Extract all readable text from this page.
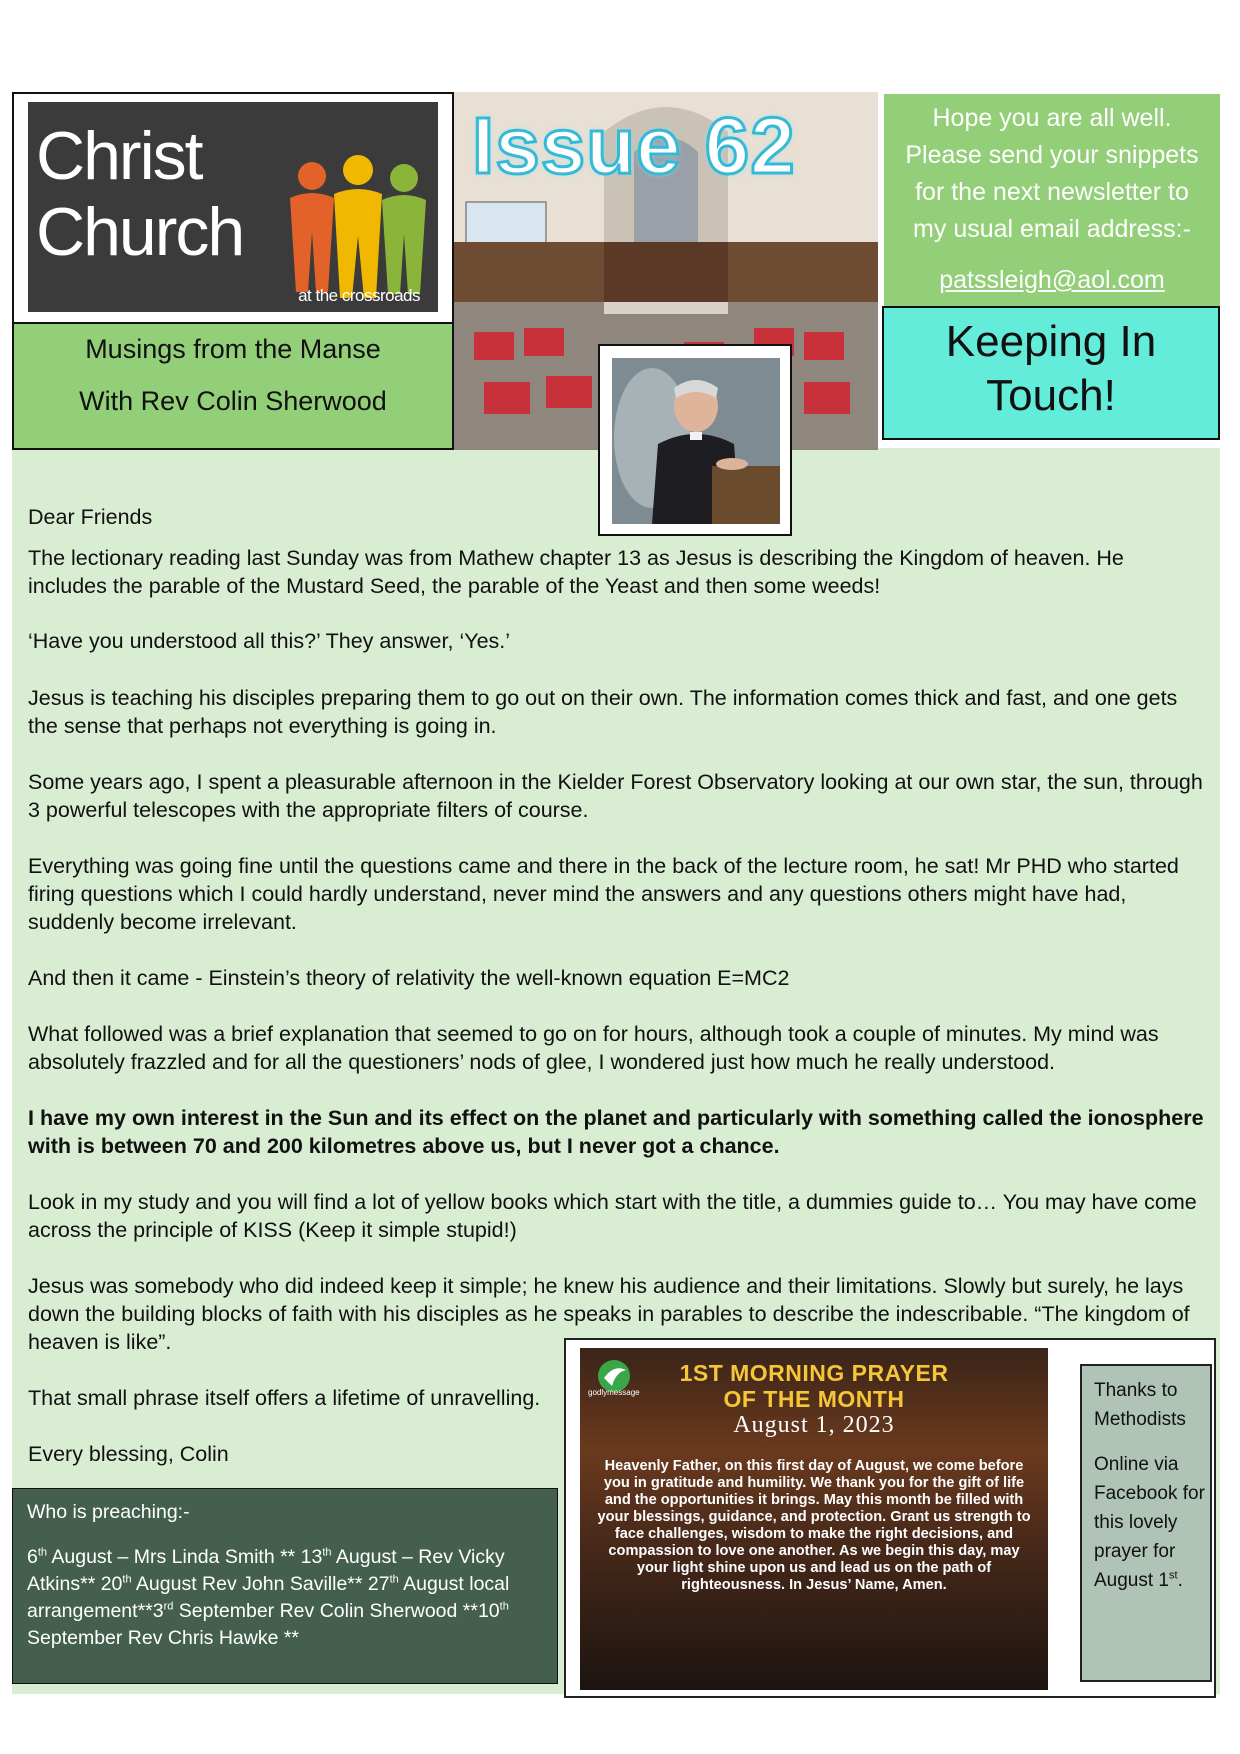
Christ
Church
at the crossroads
Musings from the Manse
With Rev Colin Sherwood
Issue 62	Hope you are all well.
Please send your snippets
for the next newsletter to
my usual email address:-
patssleigh@aol.com
Keeping In
Touch!

Dear Friends

The lectionary reading last Sunday was from Mathew chapter 13 as Jesus is describing the Kingdom of heaven. He includes the parable of the Mustard Seed, the parable of the Yeast and then some weeds!

‘Have you understood all this?’ They answer, ‘Yes.’

Jesus is teaching his disciples preparing them to go out on their own. The information comes thick and fast, and one gets the sense that perhaps not everything is going in.

Some years ago, I spent a pleasurable afternoon in the Kielder Forest Observatory looking at our own star, the sun, through 3 powerful telescopes with the appropriate filters of course.

Everything was going fine until the questions came and there in the back of the lecture room, he sat! Mr PHD who started firing questions which I could hardly understand, never mind the answers and any questions others might have had, suddenly become irrelevant.

And then it came - Einstein’s theory of relativity the well-known equation E=MC2

What followed was a brief explanation that seemed to go on for hours, although took a couple of minutes. My mind was absolutely frazzled and for all the questioners’ nods of glee, I wondered just how much he really understood.

I have my own interest in the Sun and its effect on the planet and particularly with something called the ionosphere with is between 70 and 200 kilometres above us, but I never got a chance.

Look in my study and you will find a lot of yellow books which start with the title, a dummies guide to… You may have come across the principle of KISS (Keep it simple stupid!)

Jesus was somebody who did indeed keep it simple; he knew his audience and their limitations. Slowly but surely, he lays down the building blocks of faith with his disciples as he speaks in parables to describe the indescribable. “The kingdom of heaven is like”.

That small phrase itself offers a lifetime of unravelling.

Every blessing, Colin

Who is preaching:-
6th August – Mrs Linda Smith ** 13th August – Rev Vicky Atkins** 20th August Rev John Saville** 27th August local arrangement**3rd September Rev Colin Sherwood **10th September Rev Chris Hawke **
godlymessage
1ST MORNING PRAYER
OF THE MONTH
August 1, 2023
Heavenly Father, on this first day of August, we come before you in gratitude and humility. We thank you for the gift of life and the opportunities it brings. May this month be filled with your blessings, guidance, and protection. Grant us strength to face challenges, wisdom to make the right decisions, and compassion to love one another. As we begin this day, may your light shine upon us and lead us on the path of righteousness. In Jesus’ Name, Amen.
Thanks to Methodists
Online via Facebook for this lovely prayer for August 1st.
